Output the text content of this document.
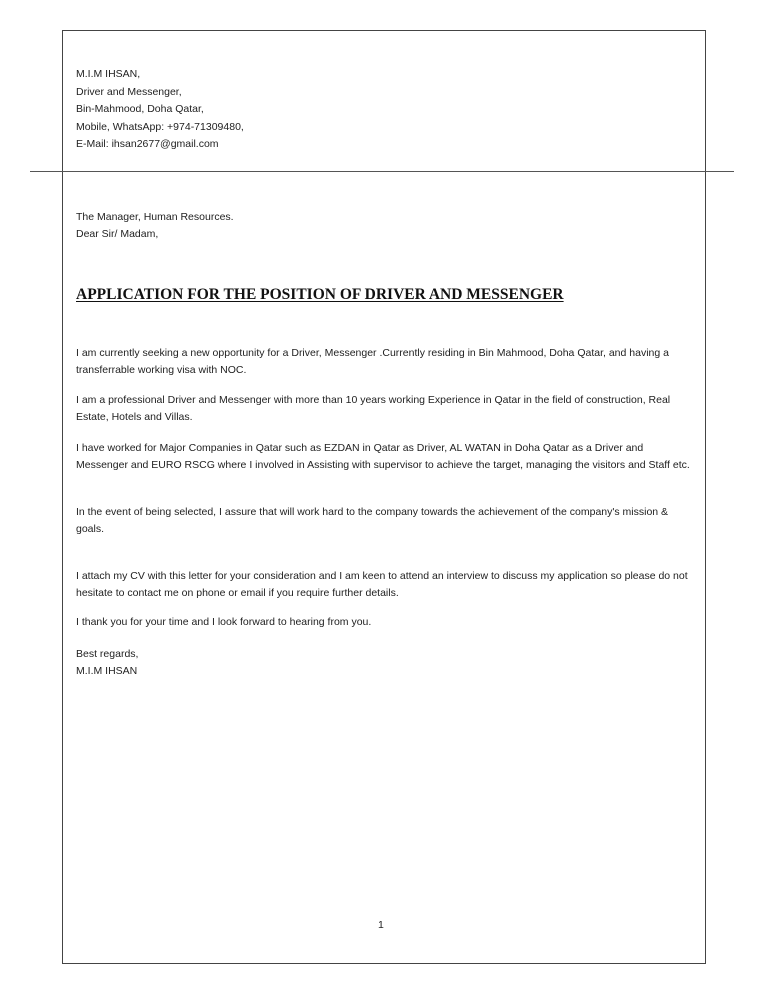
M.I.M IHSAN,
Driver and Messenger,
Bin-Mahmood, Doha Qatar,
Mobile, WhatsApp: +974-71309480,
E-Mail: ihsan2677@gmail.com
The Manager, Human Resources.
Dear Sir/ Madam,
APPLICATION FOR THE POSITION OF DRIVER AND MESSENGER
I am currently seeking a new opportunity for a Driver, Messenger .Currently residing in Bin Mahmood, Doha Qatar, and having a transferrable working visa with NOC.
I am a professional Driver and Messenger with more than 10 years working Experience in Qatar in the field of construction, Real Estate, Hotels and Villas.
I have worked for Major Companies in Qatar such as EZDAN in Qatar as Driver, AL WATAN in Doha Qatar as a Driver and Messenger and EURO RSCG where I involved in Assisting with supervisor to achieve the target, managing the visitors and Staff etc.
In the event of being selected, I assure that will work hard to the company towards the achievement of the company's mission & goals.
I attach my CV with this letter for your consideration and I am keen to attend an interview to discuss my application so please do not hesitate to contact me on phone or email if you require further details.
I thank you for your time and I look forward to hearing from you.
Best regards,
M.I.M IHSAN
1
